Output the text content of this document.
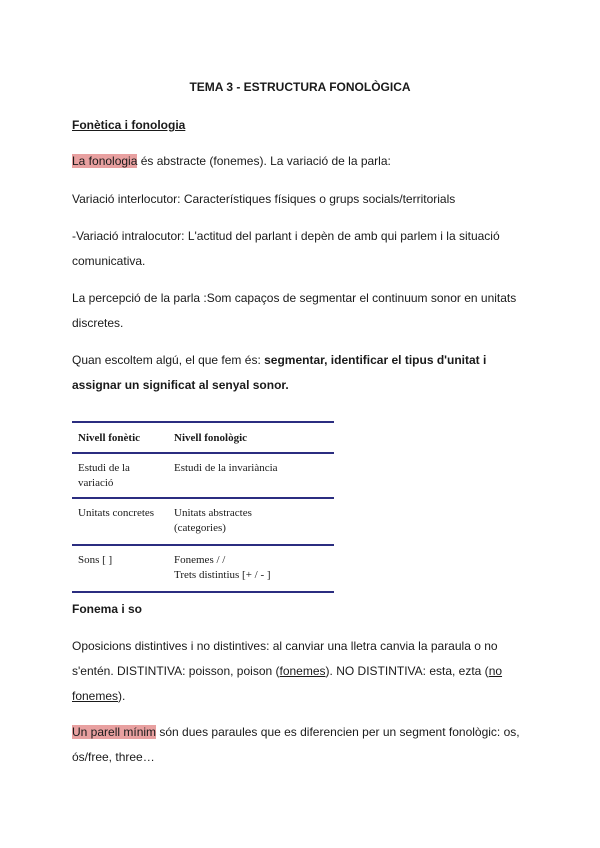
TEMA 3 - ESTRUCTURA FONOLÒGICA
Fonètica i fonologia

La fonologia és abstracte (fonemes). La variació de la parla:

Variació interlocutor: Característiques físiques o grups socials/territorials

-Variació intralocutor: L'actitud del parlant i depèn de amb qui parlem i la situació
comunicativa.

La percepció de la parla :Som capaços de segmentar el continuum sonor en unitats
discretes.

Quan escoltem algú, el que fem és: segmentar, identificar el tipus d'unitat i
assignar un significat al senyal sonor.

Nivell fonètic	Nivell fonològic
Estudi de la
variació	Estudi de la invariància
Unitats concretes	Unitats abstractes
(categories)
Sons [ ]	Fonemes / /
Trets distintius [+ / - ]
Fonema i so

Oposicions distintives i no distintives: al canviar una lletra canvia la paraula o no
s'entén. DISTINTIVA: poisson, poison (fonemes). NO DISTINTIVA: esta, ezta (no
fonemes).

Un parell mínim són dues paraules que es diferencien per un segment fonològic: os,
ós/free, three…
